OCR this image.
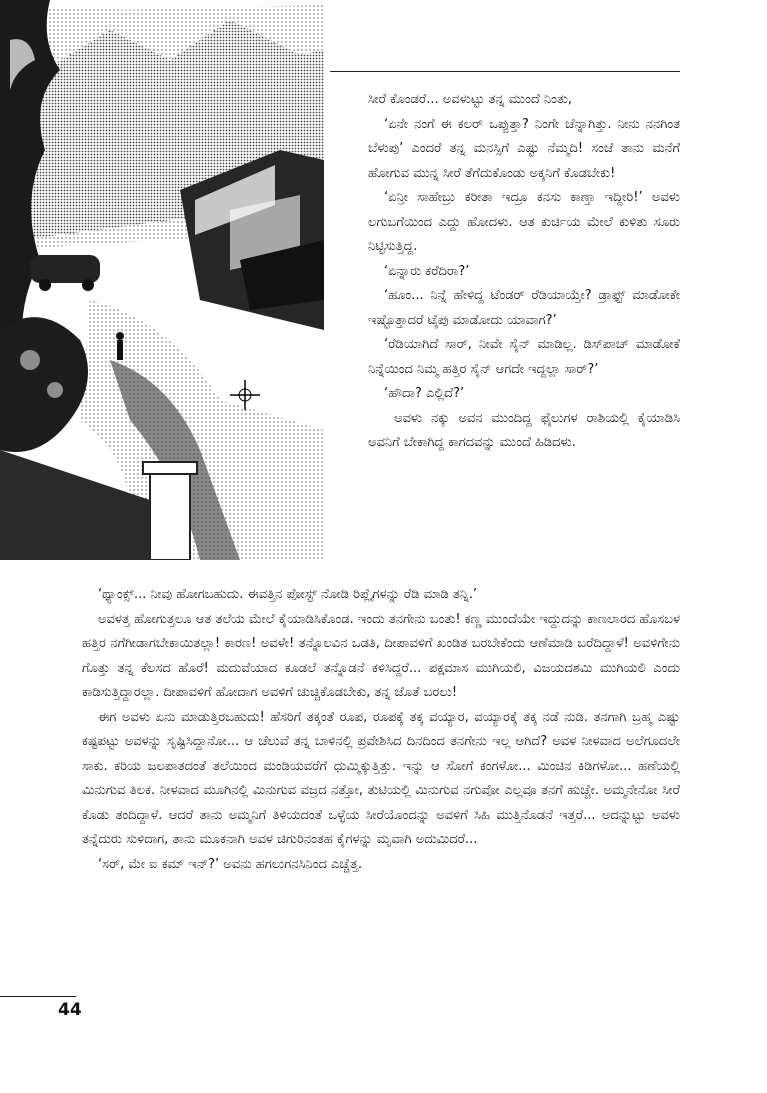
ಸೀರೆ ಕೊಂಡರೆ... ಅವಳುಟ್ಟು ತನ್ನ ಮುಂದೆ ನಿಂತು,

‘ಏನೇ ನಂಗೆ ಈ ಕಲರ್ ಒಪ್ಪುತ್ತಾ? ನಿಂಗೇ ಚೆನ್ನಾಗಿತ್ತು. ನೀನು ನನಗಿಂತ ಬೆಳುಪು’ ಎಂದರೆ ತನ್ನ ಮನಸ್ಸಿಗೆ ಎಷ್ಟು ನೆಮ್ಮದಿ! ಸಂಜೆ ತಾನು ಮನೆಗೆ ಹೋಗುವ ಮುನ್ನ ಸೀರೆ ತೆಗೆದುಕೊಂಡು ಅಕ್ಕನಿಗೆ ಕೊಡಬೇಕು!

‘ಏನ್ರೀ ಸಾಹೇಬ್ರು ಕರೀತಾ ಇದ್ರೂ ಕನಸು ಕಾಣ್ತಾ ಇದ್ದೀರಿ!’ ಅವಳು ಲಗುಬಗೆಯಿಂದ ಎದ್ದು ಹೋದಳು. ಆತ ಕುರ್ಚಿಯ ಮೇಲೆ ಕುಳಿತು ಸೂರು ನಿಟ್ಟಿಸುತ್ತಿದ್ದ.

‘ಏನ್ನಾರು ಕರೆದಿರಾ?’

‘ಹೂಂ... ನಿನ್ನೆ ಹೇಳಿದ್ದ ಟೆಂಡರ್ ರೆಡಿಯಾಯ್ತೇ? ಡ್ರಾಫ್ಟ್ ಮಾಡೋಕೇ ಇಷ್ಟೊತ್ತಾದರೆ ಟೈಪು ಮಾಡೋದು ಯಾವಾಗ?’

‘ರೆಡಿಯಾಗಿದೆ ಸಾರ್, ನೀವೇ ಸೈನ್ ಮಾಡಿಲ್ಲ. ಡಿಸ್‌ಪಾಚ್ ಮಾಡೋಕೆ ನಿನ್ನೆಯಿಂದ ನಿಮ್ಮ ಹತ್ತಿರ ಸೈನ್ ಆಗದೇ ಇದ್ದಲ್ಲಾ ಸಾರ್?’

‘ಹೌದಾ? ಎಲ್ಲಿದೆ?’

ಅವಳು ನಕ್ಕು ಅವನ ಮುಂದಿದ್ದ ಫೈಲುಗಳ ರಾಶಿಯಲ್ಲಿ ಕೈಯಾಡಿಸಿ ಅವನಿಗೆ ಬೇಕಾಗಿದ್ದ ಕಾಗದವನ್ನು ಮುಂದೆ ಹಿಡಿದಳು.

‘ಥ್ಯಾಂಕ್ಸ್... ನೀವು ಹೋಗಬಹುದು. ಈವತ್ತಿನ ಪೋಸ್ಟ್ ನೋಡಿ ರಿಪ್ಲೈಗಳನ್ನು ರೆಡಿ ಮಾಡಿ ತನ್ನಿ.’

ಅವಳತ್ತ ಹೋಗುತ್ತಲೂ ಆತ ತಲೆಯ ಮೇಲೆ ಕೈಯಾಡಿಸಿಕೊಂಡ. ಇಂದು ತನಗೇನು ಬಂತು! ಕಣ್ಣ ಮುಂದೆಯೇ ಇದ್ದುದನ್ನು ಕಾಣಲಾರದ ಹೊಸಬಳ ಹತ್ತಿರ ನಗೆಗೀಡಾಗಬೇಕಾಯಿತಲ್ಲಾ! ಕಾರಣ! ಅವಳೇ! ತನ್ನೊಲವಿನ ಒಡತಿ, ದೀಪಾವಳಿಗೆ ಖಂಡಿತ ಬರಬೇಕೆಂದು ಆಣೆಮಾಡಿ ಬರೆದಿದ್ದಾಳೆ! ಅವಳಿಗೇನು ಗೊತ್ತು ತನ್ನ ಕೆಲಸದ ಹೊರೆ! ಮದುವೆಯಾದ ಕೂಡಲೆ ತನ್ನೊಡನೆ ಕಳಿಸಿದ್ದರೆ... ಪಕ್ಷಮಾಸ ಮುಗಿಯಲಿ, ವಿಜಯದಶಮಿ ಮುಗಿಯಲಿ ಎಂದು ಕಾಡಿಸುತ್ತಿದ್ದಾರಲ್ಲಾ. ದೀಪಾವಳಿಗೆ ಹೋದಾಗ ಅವಳಿಗೆ ಚುಚ್ಚಿಕೊಡಬೇಕು, ತನ್ನ ಜೊತೆ ಬರಲು!

ಈಗ ಅವಳು ಏನು ಮಾಡುತ್ತಿರಬಹುದು! ಹೆಸರಿಗೆ ತಕ್ಕಂತೆ ರೂಪ, ರೂಪಕ್ಕೆ ತಕ್ಕ ವಯ್ಯಾರ, ವಯ್ಯಾರಕ್ಕೆ ತಕ್ಕ ನಡೆ ನುಡಿ. ತನಗಾಗಿ ಬ್ರಹ್ಮ ಎಷ್ಟು ಕಷ್ಟಪಟ್ಟು ಅವಳನ್ನು ಸೃಷ್ಟಿಸಿದ್ದಾನೋ... ಆ ಚೆಲುವೆ ತನ್ನ ಬಾಳಿನಲ್ಲಿ ಪ್ರವೇಶಿಸಿದ ದಿನದಿಂದ ತನಗೇನು ಇಲ್ಲ ಆಗಿದೆ? ಅವಳ ನೀಳವಾದ ಅಲೆಗೂದಲೇ ಸಾಕು. ಕರಿಯ ಜಲಪಾತದಂತೆ ತಲೆಯಿಂದ ಮಂಡಿಯವರೆಗೆ ಧುಮ್ಮಿಕ್ಕುತ್ತಿತ್ತು. ಇನ್ನು ಆ ಸೋಗೆ ಕಂಗಳೋ... ಮಿಂಚಿನ ಕಿಡಿಗಳೋ... ಹಣೆಯಲ್ಲಿ ಮಿನುಗುವ ತಿಲಕ. ನೀಳವಾದ ಮೂಗಿನಲ್ಲಿ ಮಿನುಗುವ ವಜ್ರದ ನತ್ತೋ, ತುಟಿಯಲ್ಲಿ ಮಿನುಗುವ ನಗುವೋ ಎಲ್ಲವೂ ತನಗೆ ಹುಚ್ಚೇ. ಅಮ್ಮನೇನೋ ಸೀರೆ ಕೊಡು ತಂದಿದ್ದಾಳೆ. ಆದರೆ ತಾನು ಅಮ್ಮನಿಗೆ ತಿಳಿಯದಂತೆ ಒಳ್ಳೆಯ ಸೀರೆಯೊಂದನ್ನು ಅವಳಿಗೆ ಸಿಹಿ ಮುತ್ತಿನೊಡನೆ ಇತ್ತರೆ... ಅದನ್ನುಟ್ಟು ಅವಳು ತನ್ನೆದುರು ಸುಳಿದಾಗ, ತಾನು ಮೂಕನಾಗಿ ಅವಳ ಚಿಗುರಿನಂತಹ ಕೈಗಳನ್ನು ಮೃವಾಗಿ ಅದುಮಿದರೆ...

‘ಸರ್, ಮೇ ಐ ಕಮ್ ಇನ್?’ ಅವನು ಹಗಲುಗನಸಿನಿಂದ ಎಚ್ಚೆತ್ತ.

44
